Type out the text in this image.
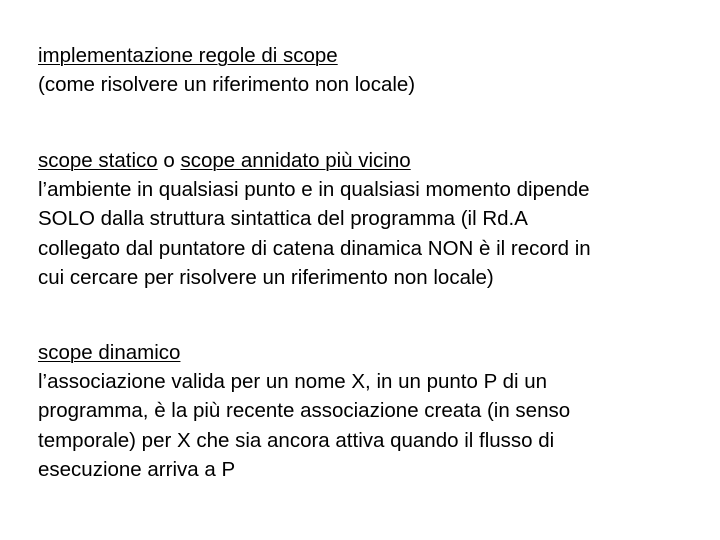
implementazione regole di scope

(come risolvere un riferimento non locale)

scope statico o scope annidato più vicino

l’ambiente in qualsiasi punto e in qualsiasi momento dipende

SOLO dalla struttura sintattica del programma (il Rd.A

collegato dal puntatore di catena dinamica NON è il record in

cui cercare per risolvere un riferimento non locale)

scope dinamico

l’associazione valida per un nome X, in un punto P di un

programma, è la più recente associazione creata (in senso

temporale) per X che sia ancora attiva quando il flusso di

esecuzione arriva a P
